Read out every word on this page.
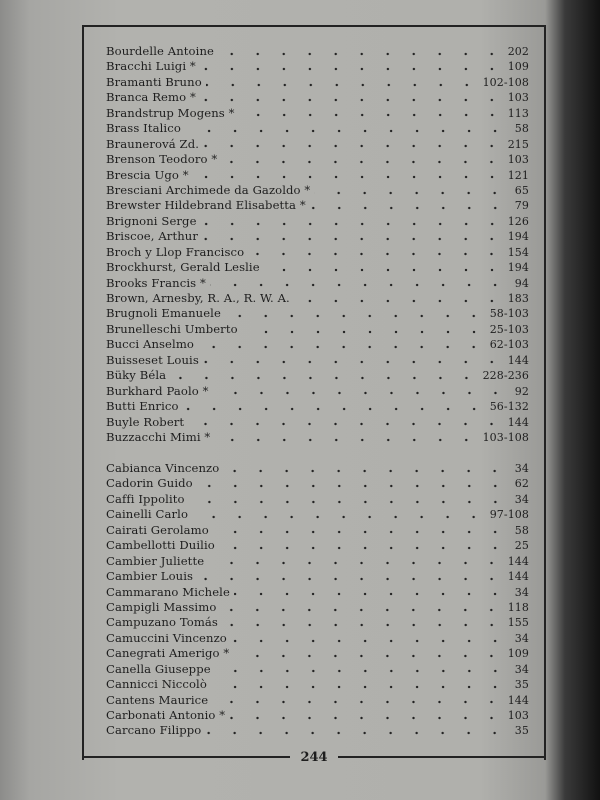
Bourdelle Antoine	202
Bracchi Luigi *	109
Bramanti Bruno	102-108
Branca Remo *	103
Brandstrup Mogens *	113
Brass Italico	58
Braunerová Zd.	215
Brenson Teodoro *	103
Brescia Ugo *	121
Bresciani Archimede da Gazoldo *	65
Brewster Hildebrand Elisabetta *	79
Brignoni Serge	126
Briscoe, Arthur	194
Broch y Llop Francisco	154
Brockhurst, Gerald Leslie	194
Brooks Francis *	94
Brown, Arnesby, R. A., R. W. A.	183
Brugnoli Emanuele	58-103
Brunelleschi Umberto	25-103
Bucci Anselmo	62-103
Buisseset Louis	144
Büky Béla	228-236
Burkhard Paolo *	92
Butti Enrico	56-132
Buyle Robert	144
Buzzacchi Mimi *	103-108
Cabianca Vincenzo	34
Cadorin Guido	62
Caffi Ippolito	34
Cainelli Carlo	97-108
Cairati Gerolamo	58
Cambellotti Duilio	25
Cambier Juliette	144
Cambier Louis	144
Cammarano Michele	34
Campigli Massimo	118
Campuzano Tomás	155
Camuccini Vincenzo	34
Canegrati Amerigo *	109
Canella Giuseppe	34
Cannicci Niccolò	35
Cantens Maurice	144
Carbonati Antonio *	103
Carcano Filippo	35
244
